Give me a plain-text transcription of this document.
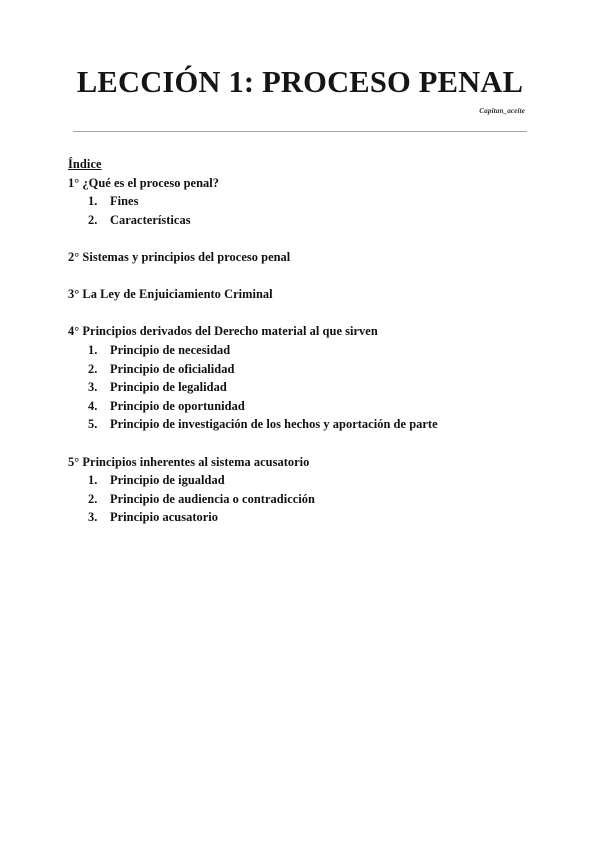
LECCIÓN 1: PROCESO PENAL
Capitan_aceite
Índice
1° ¿Qué es el proceso penal?
1.	Fines
2.	Características
2° Sistemas y principios del proceso penal
3° La Ley de Enjuiciamiento Criminal
4° Principios derivados del Derecho material al que sirven
1.	Principio de necesidad
2.	Principio de oficialidad
3.	Principio de legalidad
4.	Principio de oportunidad
5.	Principio de investigación de los hechos y aportación de parte
5° Principios inherentes al sistema acusatorio
1.	Principio de igualdad
2.	Principio de audiencia o contradicción
3.	Principio acusatorio
